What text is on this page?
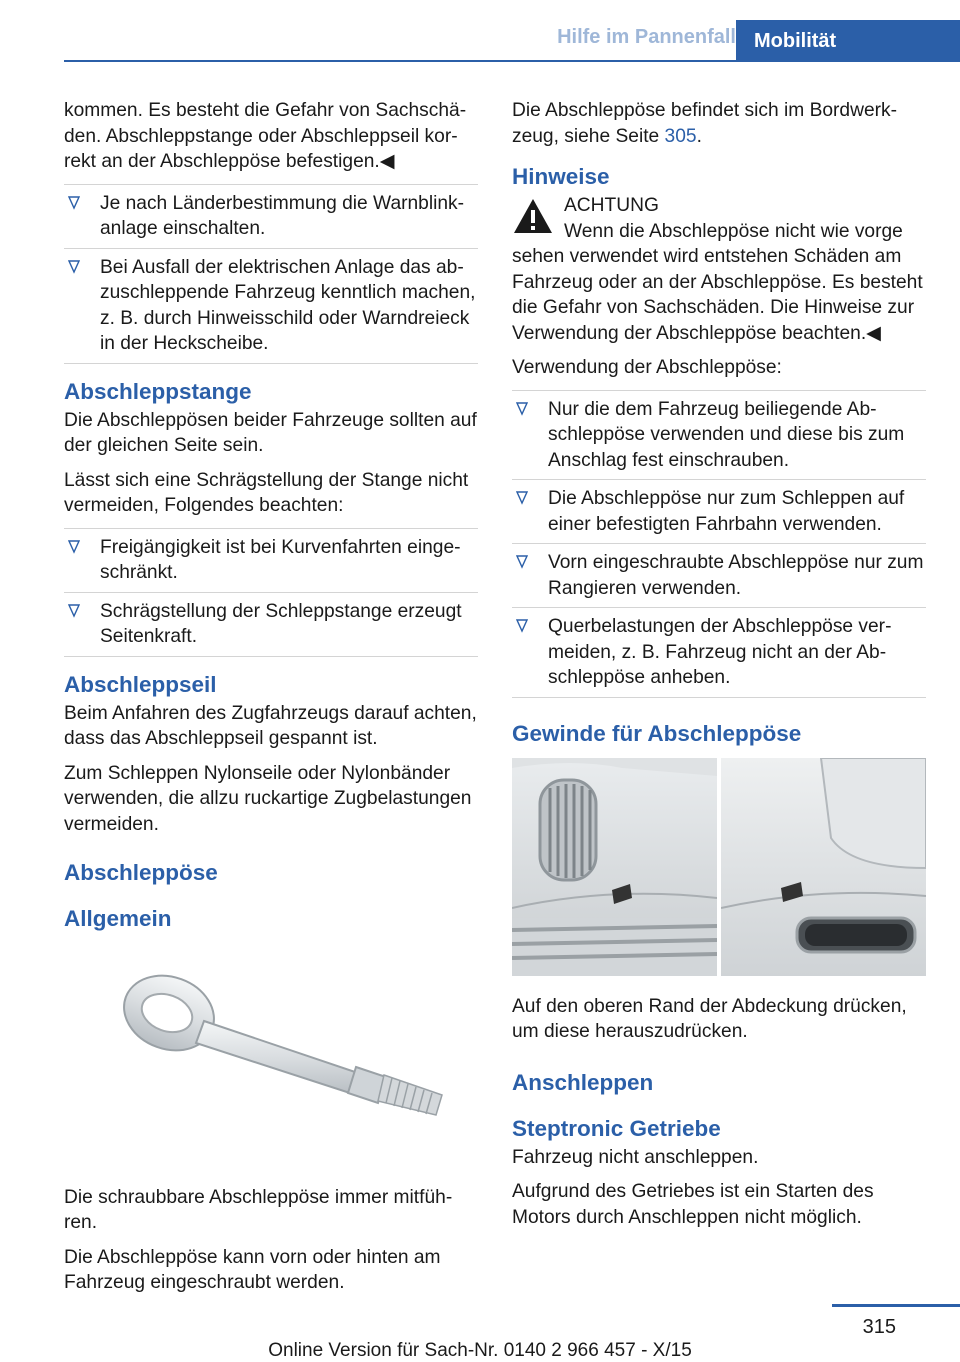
Hilfe im Pannenfall Mobilität

kommen. Es besteht die Gefahr von Sachschäden. Abschleppstange oder Abschleppseil korrekt an der Abschleppöse befestigen.◀

Je nach Länderbestimmung die Warnblinkanlage einschalten.
Bei Ausfall der elektrischen Anlage das abzuschleppende Fahrzeug kenntlich machen, z. B. durch Hinweisschild oder Warndreieck in der Heckscheibe.
Abschleppstange

Die Abschleppösen beider Fahrzeuge sollten auf der gleichen Seite sein.

Lässt sich eine Schrägstellung der Stange nicht vermeiden, Folgendes beachten:

Freigängigkeit ist bei Kurvenfahrten eingeschränkt.
Schrägstellung der Schleppstange erzeugt Seitenkraft.
Abschleppseil

Beim Anfahren des Zugfahrzeugs darauf achten, dass das Abschleppseil gespannt ist.

Zum Schleppen Nylonseile oder Nylonbänder verwenden, die allzu ruckartige Zugbelastungen vermeiden.

Abschleppöse
Allgemein

Die schraubbare Abschleppöse immer mitführen.

Die Abschleppöse kann vorn oder hinten am Fahrzeug eingeschraubt werden.

Die Abschleppöse befindet sich im Bordwerkzeug, siehe Seite 305.

Hinweise
ACHTUNG
Wenn die Abschleppöse nicht wie vorge

sehen verwendet wird entstehen Schäden am Fahrzeug oder an der Abschleppöse. Es besteht die Gefahr von Sachschäden. Die Hinweise zur Verwendung der Abschleppöse beachten.◀

Verwendung der Abschleppöse:

Nur die dem Fahrzeug beiliegende Abschleppöse verwenden und diese bis zum Anschlag fest einschrauben.
Die Abschleppöse nur zum Schleppen auf einer befestigten Fahrbahn verwenden.
Vorn eingeschraubte Abschleppöse nur zum Rangieren verwenden.
Querbelastungen der Abschleppöse vermeiden, z. B. Fahrzeug nicht an der Abschleppöse anheben.
Gewinde für Abschleppöse

Auf den oberen Rand der Abdeckung drücken, um diese herauszudrücken.

Anschleppen
Steptronic Getriebe

Fahrzeug nicht anschleppen.

Aufgrund des Getriebes ist ein Starten des Motors durch Anschleppen nicht möglich.

315
Online Version für Sach-Nr. 0140 2 966 457 - X/15
